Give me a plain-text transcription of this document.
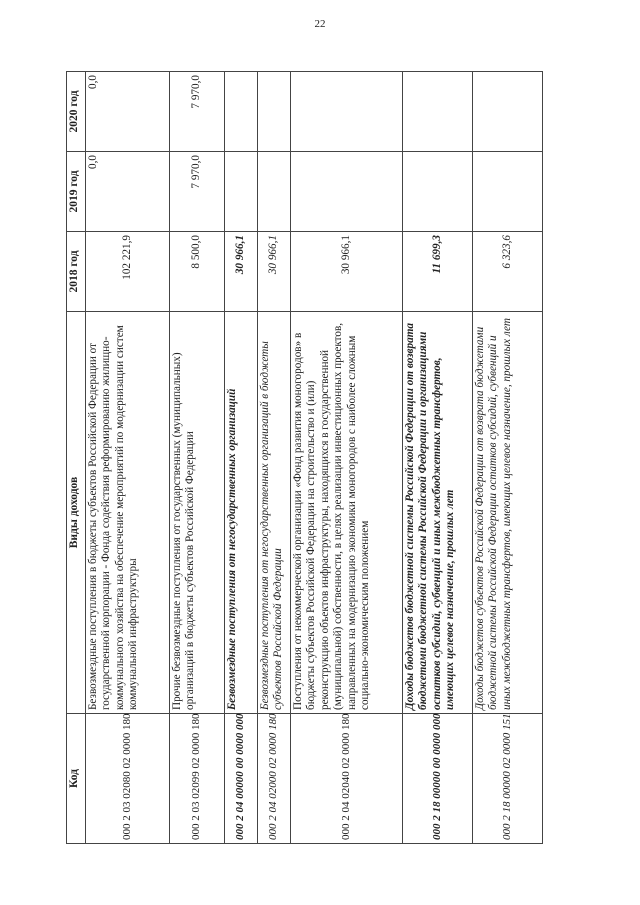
22
Код	Виды доходов	2018 год	2019 год	2020 год
000 2 03 02080 02 0000 180	Безвозмездные поступления в бюджеты субъектов Российской Федерации от государственной корпорации - Фонда содействия реформированию жилищно-коммунального хозяйства на обеспечение мероприятий по модернизации систем коммунальной инфраструктуры	102 221,9	0,0	0,0
000 2 03 02099 02 0000 180	Прочие безвозмездные поступления от государственных (муниципальных) организаций в бюджеты субъектов Российской Федерации	8 500,0	7 970,0	7 970,0
000 2 04 00000 00 0000 000	Безвозмездные поступления от негосударственных организаций	30 966,1		
000 2 04 02000 02 0000 180	Безвозмездные поступления от негосударственных организаций в бюджеты субъектов Российской Федерации	30 966,1		
000 2 04 02040 02 0000 180	Поступления от некоммерческой организации «Фонд развития моногородов» в бюджеты субъектов Российской Федерации на строительство и (или) реконструкцию объектов инфраструктуры, находящихся в государственной (муниципальной) собственности, в целях реализации инвестиционных проектов, направленных на модернизацию экономики моногородов с наиболее сложным социально-экономическим положением	30 966,1		
000 2 18 00000 00 0000 000	Доходы бюджетов бюджетной системы Российской Федерации от возврата бюджетами бюджетной системы Российской Федерации и организациями остатков субсидий, субвенций и иных межбюджетных трансфертов, имеющих целевое назначение, прошлых лет	11 699,3		
000 2 18 00000 02 0000 151	Доходы бюджетов субъектов Российской Федерации от возврата бюджетами бюджетной системы Российской Федерации остатков субсидий, субвенций и иных межбюджетных трансфертов, имеющих целевое назначение, прошлых лет	6 323,6		
